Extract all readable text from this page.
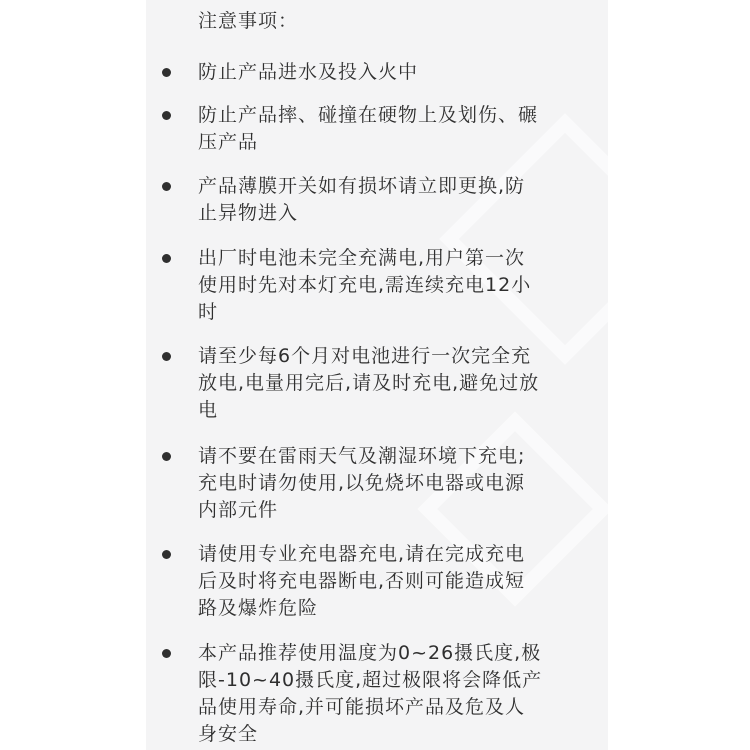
注意事项：
防止产品进水及投入火中
防止产品摔、碰撞在硬物上及划伤、碾
压产品
产品薄膜开关如有损坏请立即更换,防
止异物进入
出厂时电池未完全充满电,用户第一次
使用时先对本灯充电,需连续充电12小
时
请至少每6个月对电池进行一次完全充
放电,电量用完后,请及时充电,避免过放
电
请不要在雷雨天气及潮湿环境下充电;
充电时请勿使用,以免烧坏电器或电源
内部元件
请使用专业充电器充电,请在完成充电
后及时将充电器断电,否则可能造成短
路及爆炸危险
本产品推荐使用温度为0~26摄氏度,极
限-10~40摄氏度,超过极限将会降低产
品使用寿命,并可能损坏产品及危及人
身安全
